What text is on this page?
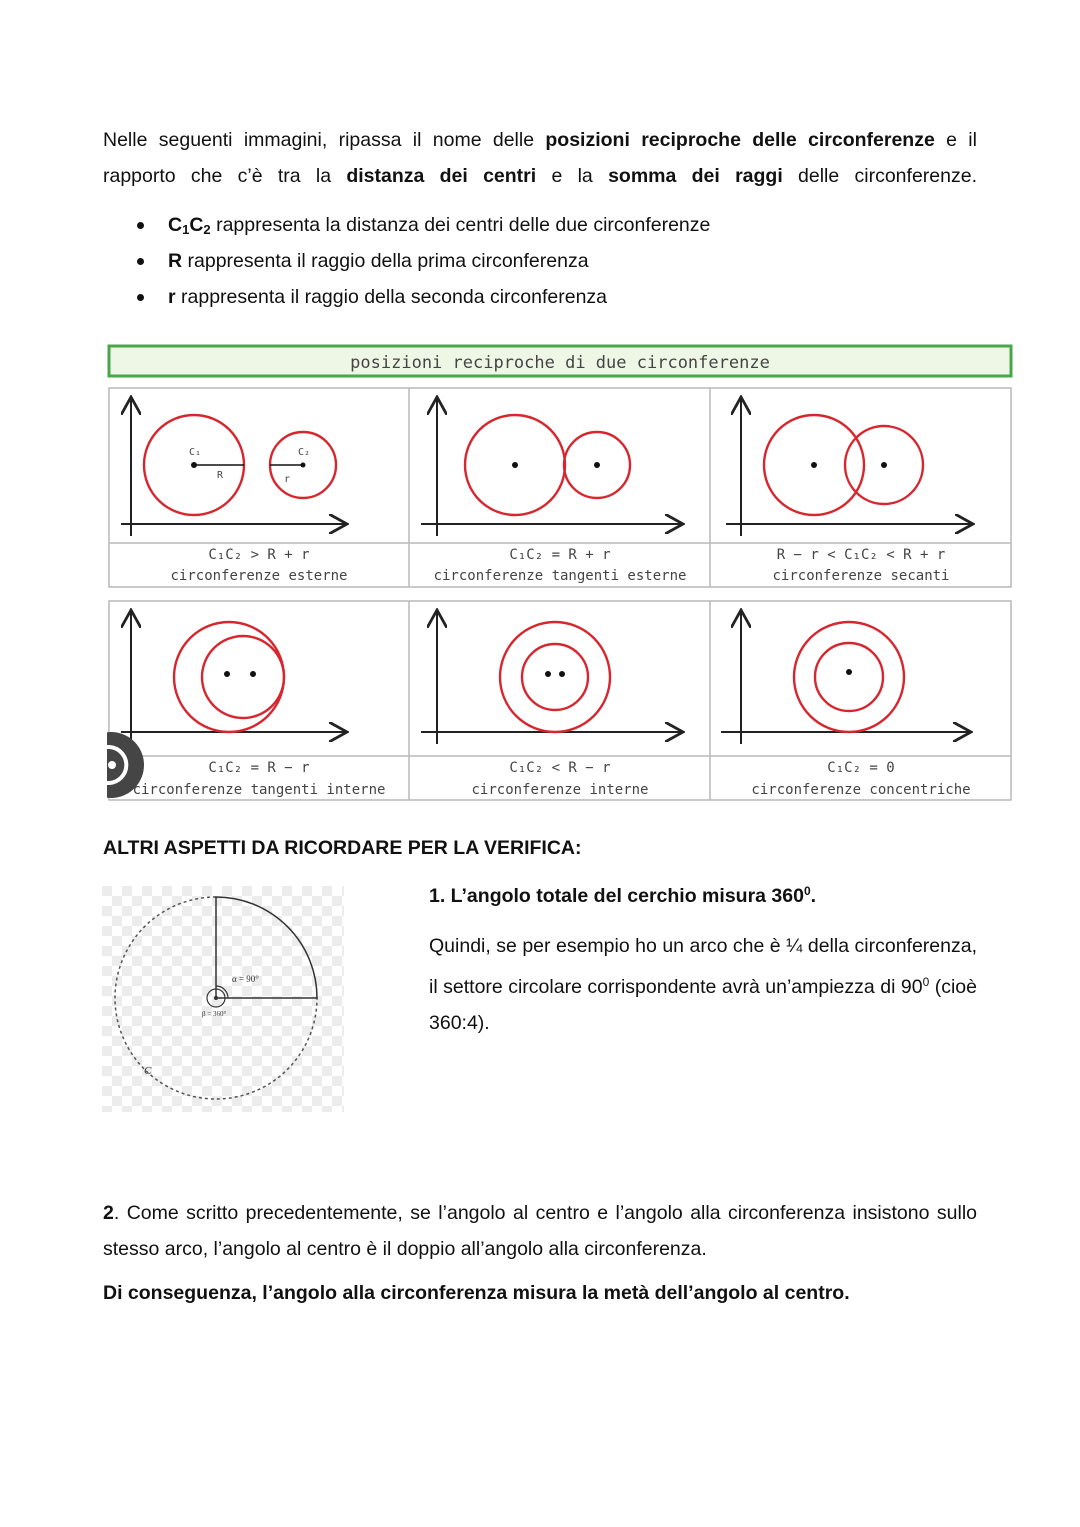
Nelle seguenti immagini, ripassa il nome delle posizioni reciproche delle circonferenze e il rapporto che c’è tra la distanza dei centri e la somma dei raggi delle circonferenze.

$C_1C_2$ rappresenta la distanza dei centri delle due circonferenze
R rappresenta il raggio della prima circonferenza
r rappresenta il raggio della seconda circonferenza
posizioni reciproche di due circonferenze
C₁	C₂
R	r
C₁C₂ > R + r
circonferenze esterne
C₁C₂ = R + r
circonferenze tangenti esterne
R − r < C₁C₂ < R + r
circonferenze secanti
C₁C₂ = R − r
circonferenze tangenti interne
C₁C₂ < R − r
circonferenze interne
C₁C₂ = 0
circonferenze concentriche
ALTRI ASPETTI DA RICORDARE PER LA VERIFICA:
α = 90°
β = 360°
C
1. L’angolo totale del cerchio misura $360^0$.

Quindi, se per esempio ho un arco che è ¼ della circonferenza, il settore circolare corrispondente avrà un’ampiezza di $90^0$ (cioè 360:4).

2. Come scritto precedentemente, se l’angolo al centro e l’angolo alla circonferenza insistono sullo stesso arco, l’angolo al centro è il doppio all’angolo alla circonferenza.

Di conseguenza, l’angolo alla circonferenza misura la metà dell’angolo al centro.
